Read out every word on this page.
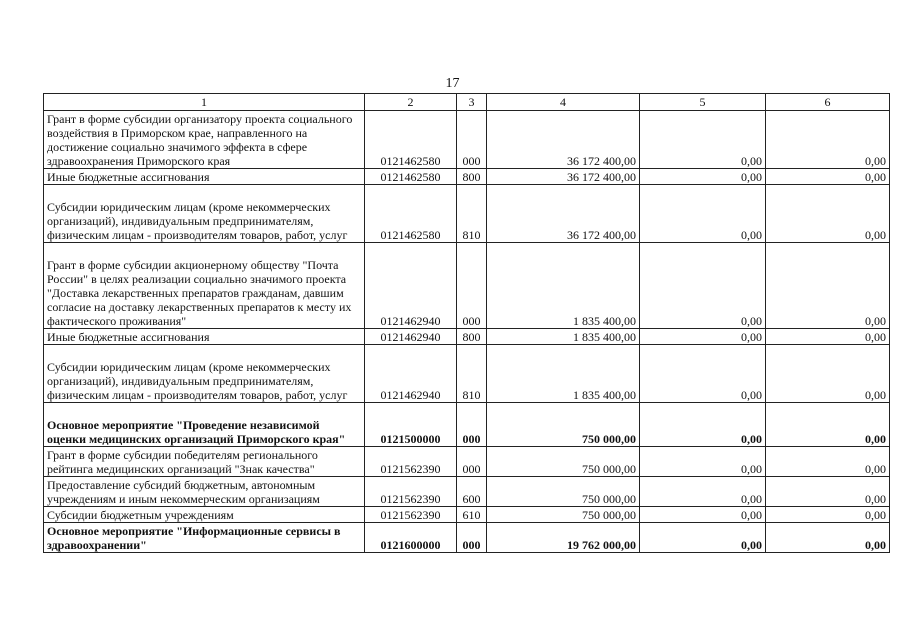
17
1	2	3	4	5	6
Грант в форме субсидии организатору проекта социального воздействия в Приморском крае, направленного на достижение социально значимого эффекта в сфере здравоохранения Приморского края	0121462580	000	36 172 400,00	0,00	0,00
Иные бюджетные ассигнования	0121462580	800	36 172 400,00	0,00	0,00
Субсидии юридическим лицам (кроме некоммерческих организаций), индивидуальным предпринимателям, физическим лицам - производителям товаров, работ, услуг	0121462580	810	36 172 400,00	0,00	0,00
Грант в форме субсидии акционерному обществу "Почта России" в целях реализации социально значимого проекта "Доставка лекарственных препаратов гражданам, давшим согласие на доставку лекарственных препаратов к месту их фактического проживания"	0121462940	000	1 835 400,00	0,00	0,00
Иные бюджетные ассигнования	0121462940	800	1 835 400,00	0,00	0,00
Субсидии юридическим лицам (кроме некоммерческих организаций), индивидуальным предпринимателям, физическим лицам - производителям товаров, работ, услуг	0121462940	810	1 835 400,00	0,00	0,00
Основное мероприятие "Проведение независимой оценки медицинских организаций Приморского края"	0121500000	000	750 000,00	0,00	0,00
Грант в форме субсидии победителям регионального рейтинга медицинских организаций "Знак качества"	0121562390	000	750 000,00	0,00	0,00
Предоставление субсидий бюджетным, автономным учреждениям и иным некоммерческим организациям	0121562390	600	750 000,00	0,00	0,00
Субсидии бюджетным учреждениям	0121562390	610	750 000,00	0,00	0,00
Основное мероприятие "Информационные сервисы в здравоохранении"	0121600000	000	19 762 000,00	0,00	0,00
